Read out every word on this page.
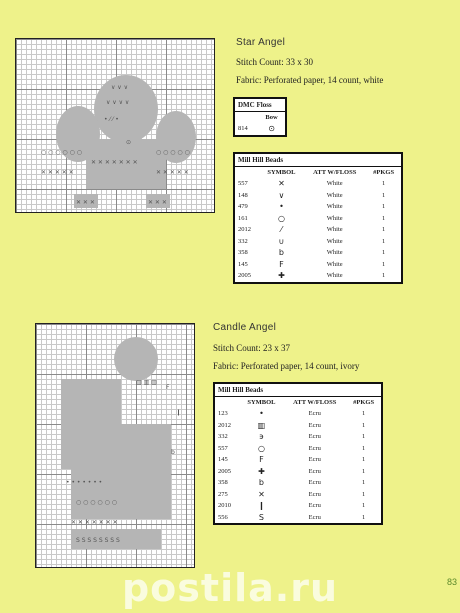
∨ ∨ ∨
∨ ∨ ∨ ∨
• ⁄ ⁄ •
○ ○ ○ ○ ○ ○	○ ○ ○ ○ ○
✕ ✕ ✕ ✕ ✕	✕ ✕ ✕ ✕ ✕
✕ ✕ ✕ ✕ ✕ ✕ ✕
✕ ✕ ✕	✕ ✕ ✕
⊙
Star Angel
Stitch Count: 33 x 30
Fabric: Perforated paper, 14 count, white
DMC Floss	
	Bow
814	⊙
Mill Hill Beads			
	SYMBOL	ATT W/FLOSS	#PKGS
557	✕	White	1
148	∨	White	1
479	•	White	1
161	○	White	1
2012	⁄	White	1
332	∪	White	1
358	b	White	1
145	F	White	1
2005	✚	White	1
▥ ▥ ▥
F
• • • • • • •
○ ○ ○ ○ ○ ○
✕ ✕ ✕ ✕ ✕ ✕ ✕
S S S S S S S S
b
❙
Candle Angel
Stitch Count: 23 x 37
Fabric: Perforated paper, 14 count, ivory
Mill Hill Beads			
	SYMBOL	ATT W/FLOSS	#PKGS
123	•	Ecru	1
2012	▥	Ecru	1
332	϶	Ecru	1
557	○	Ecru	1
145	F	Ecru	1
2005	✚	Ecru	1
358	b	Ecru	1
275	✕	Ecru	1
2010	❙	Ecru	1
556	S	Ecru	1
postila.ru	83
